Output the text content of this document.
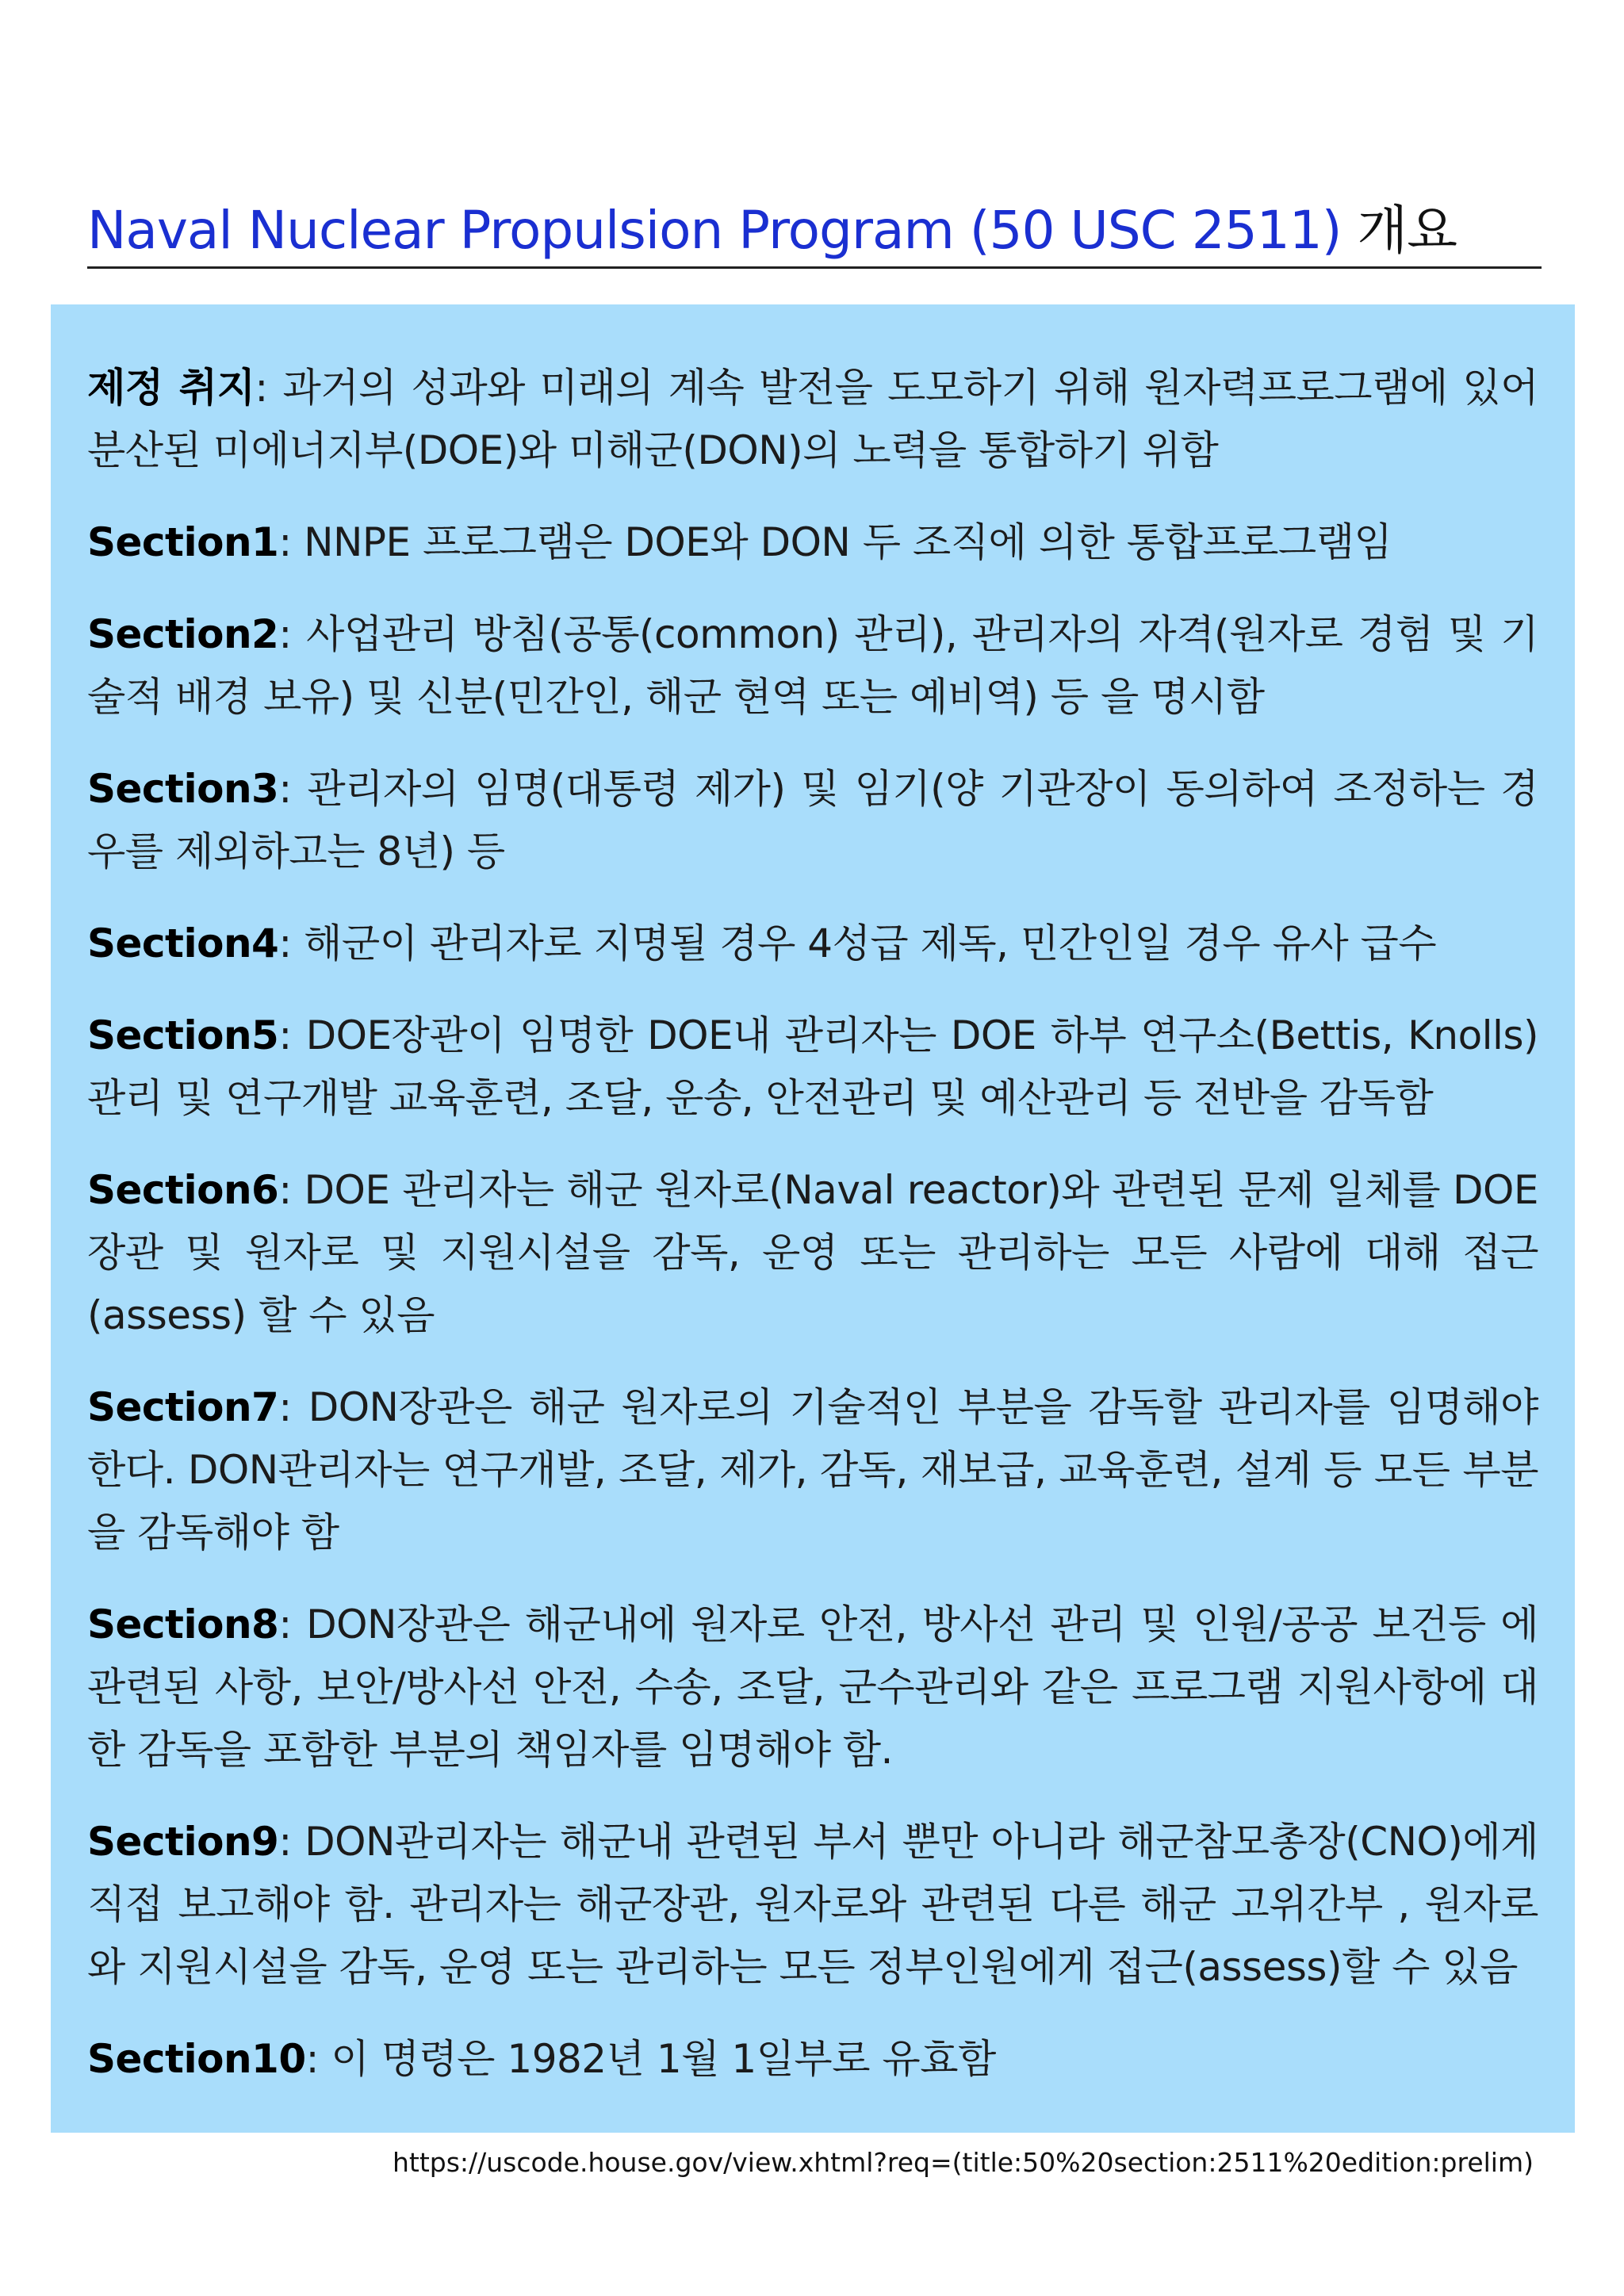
Naval Nuclear Propulsion Program (50 USC 2511) 개요

제정 취지: 과거의 성과와 미래의 계속 발전을 도모하기 위해 원자력프로그램에 있어 분산된 미에너지부(DOE)와 미해군(DON)의 노력을 통합하기 위함

Section1: NNPE 프로그램은 DOE와 DON 두 조직에 의한 통합프로그램임

Section2: 사업관리 방침(공통(common) 관리), 관리자의 자격(원자로 경험 및 기술적 배경 보유) 및 신분(민간인, 해군 현역 또는 예비역) 등 을 명시함

Section3: 관리자의 임명(대통령 제가) 및 임기(양 기관장이 동의하여 조정하는 경우를 제외하고는 8년) 등

Section4: 해군이 관리자로 지명될 경우 4성급 제독, 민간인일 경우 유사 급수

Section5: DOE장관이 임명한 DOE내 관리자는 DOE 하부 연구소(Bettis, Knolls) 관리 및 연구개발 교육훈련, 조달, 운송, 안전관리 및 예산관리 등 전반을 감독함

Section6: DOE 관리자는 해군 원자로(Naval reactor)와 관련된 문제 일체를 DOE 장관 및 원자로 및 지원시설을 감독, 운영 또는 관리하는 모든 사람에 대해 접근(assess) 할 수 있음

Section7: DON장관은 해군 원자로의 기술적인 부분을 감독할 관리자를 임명해야한다. DON관리자는 연구개발, 조달, 제가, 감독, 재보급, 교육훈련, 설계 등 모든 부분을 감독해야 함

Section8: DON장관은 해군내에 원자로 안전, 방사선 관리 및 인원/공공 보건등 에 관련된 사항, 보안/방사선 안전, 수송, 조달, 군수관리와 같은 프로그램 지원사항에 대한 감독을 포함한 부분의 책임자를 임명해야 함.

Section9: DON관리자는 해군내 관련된 부서 뿐만 아니라 해군참모총장(CNO)에게 직접 보고해야 함. 관리자는 해군장관, 원자로와 관련된 다른 해군 고위간부 , 원자로와 지원시설을 감독, 운영 또는 관리하는 모든 정부인원에게 접근(assess)할 수 있음

Section10: 이 명령은 1982년 1월 1일부로 유효함

https://uscode.house.gov/view.xhtml?req=(title:50%20section:2511%20edition:prelim)
